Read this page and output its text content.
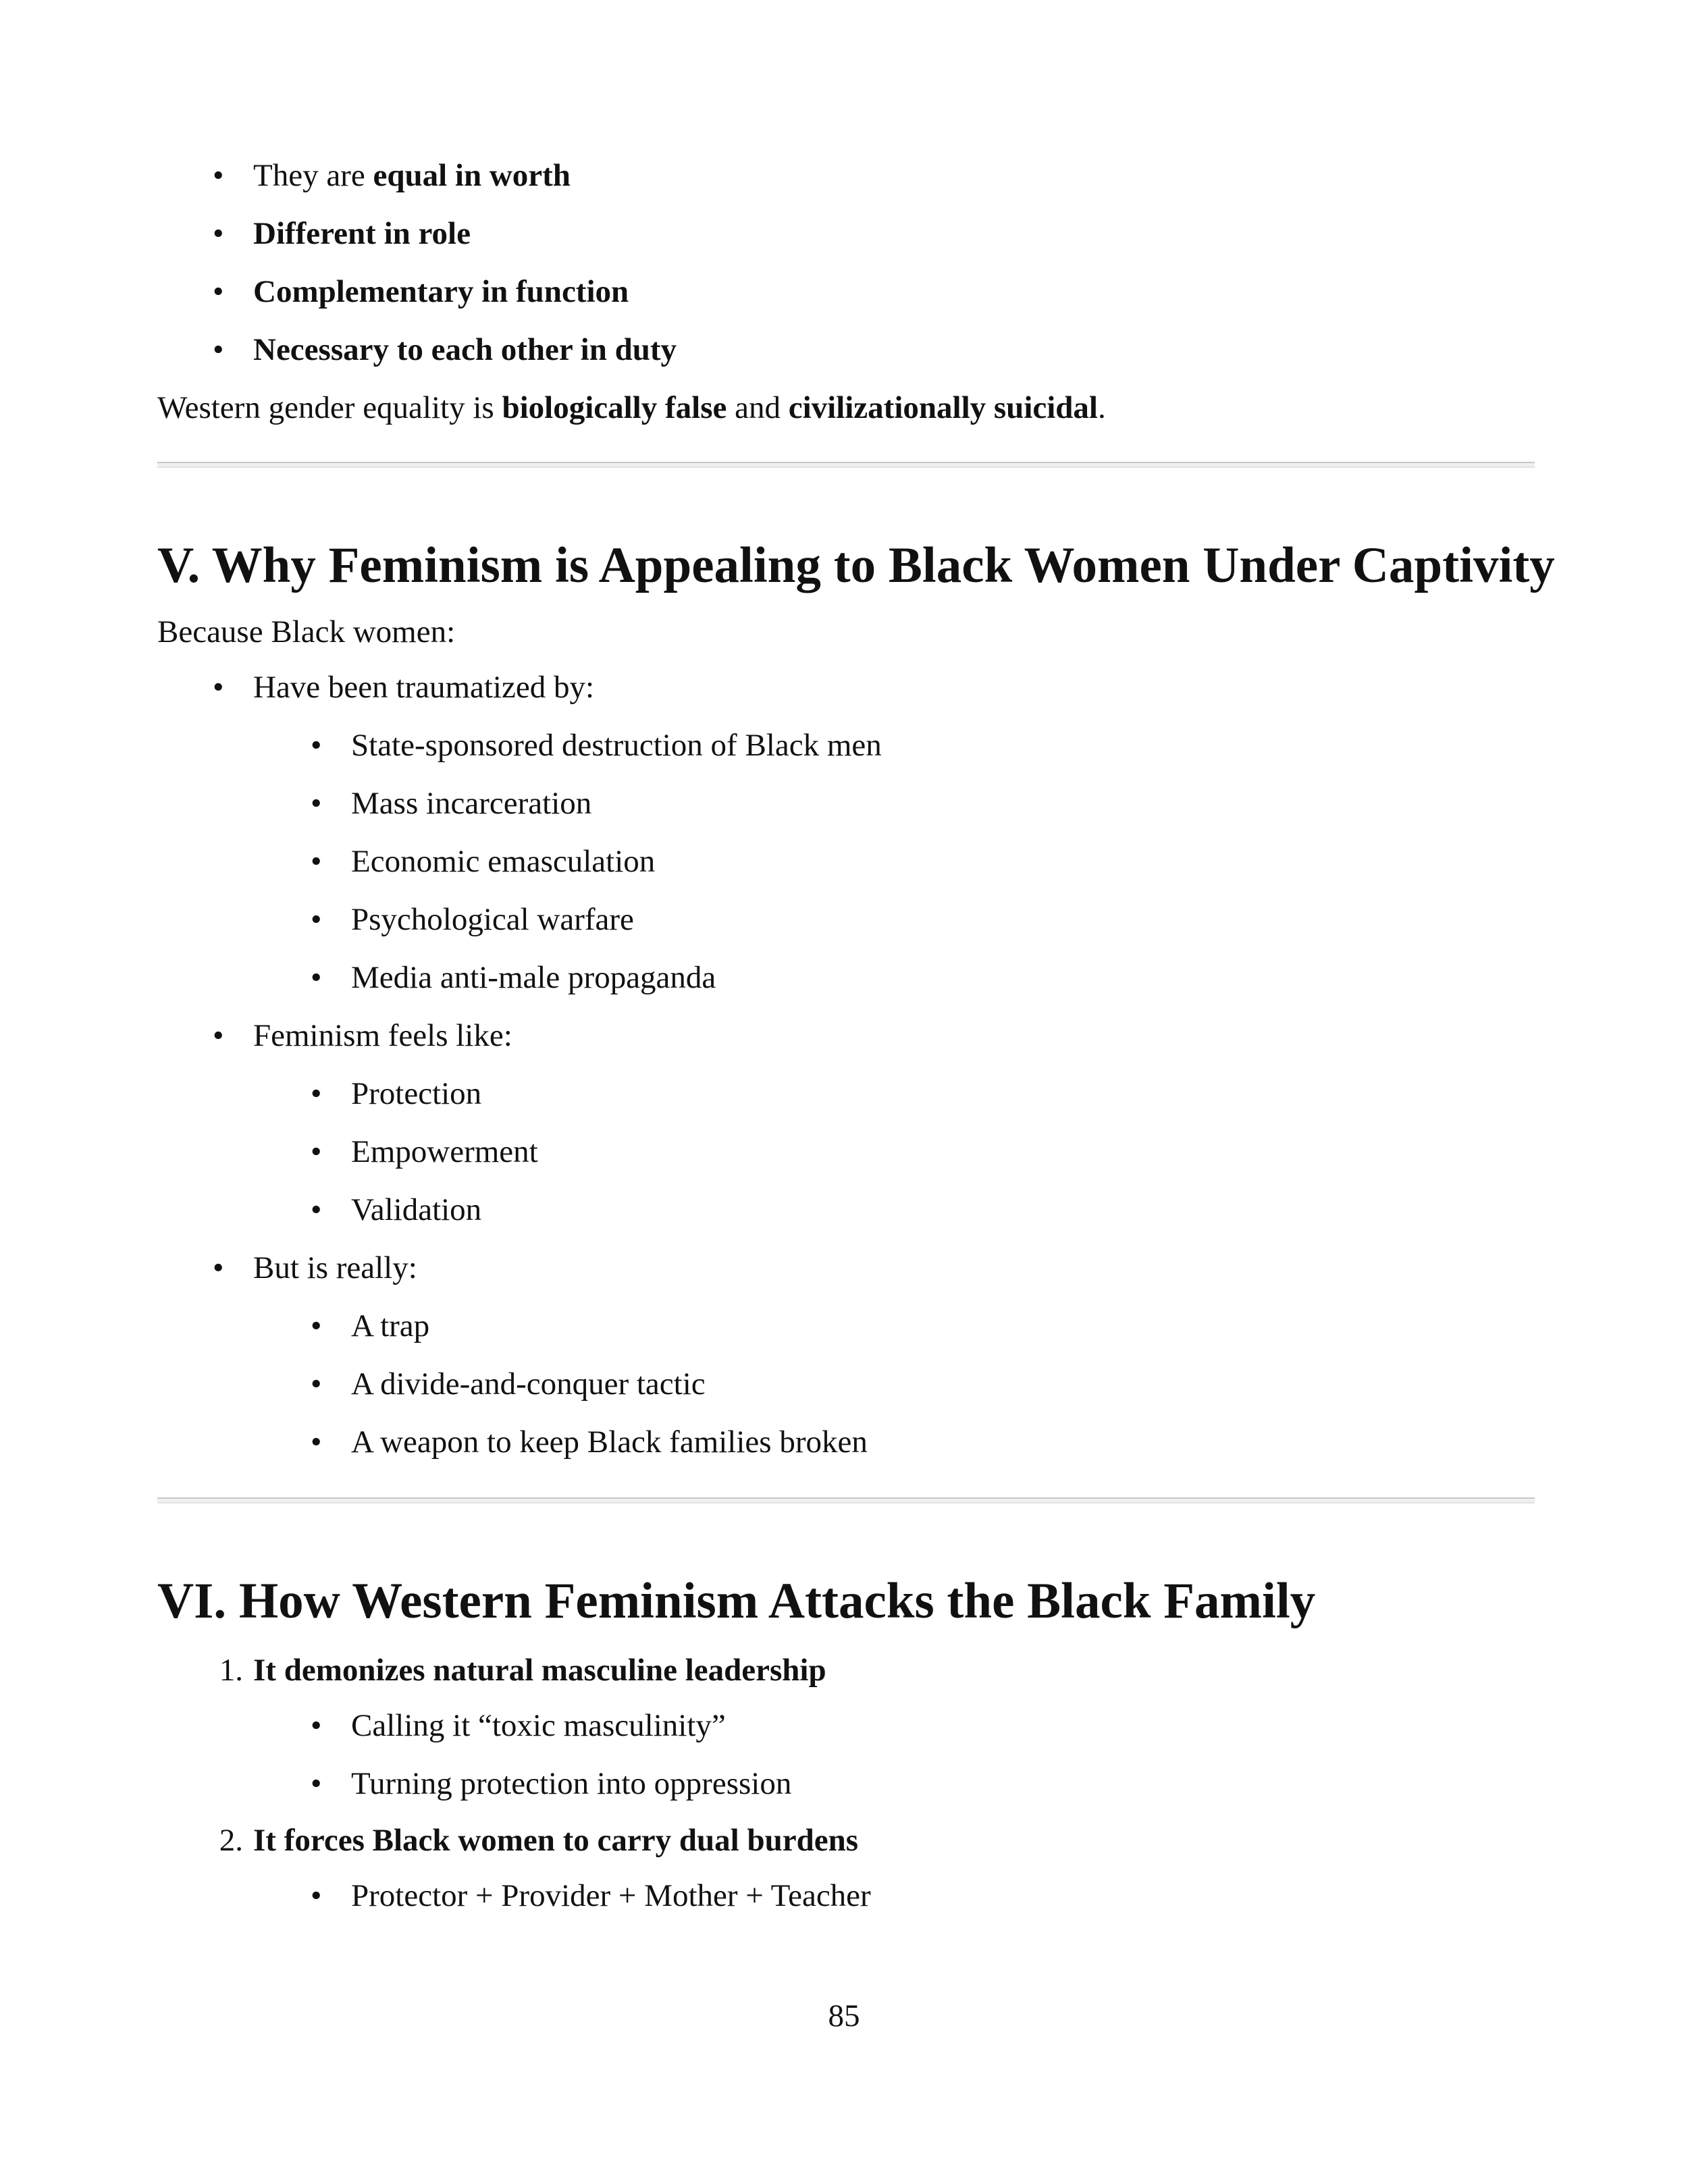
• They are equal in worth
• Different in role
• Complementary in function
• Necessary to each other in duty
Western gender equality is biologically false and civilizationally suicidal.
V. Why Feminism is Appealing to Black Women Under Captivity
Because Black women:
• Have been traumatized by:
• State-sponsored destruction of Black men
• Mass incarceration
• Economic emasculation
• Psychological warfare
• Media anti-male propaganda
• Feminism feels like:
• Protection
• Empowerment
• Validation
• But is really:
• A trap
• A divide-and-conquer tactic
• A weapon to keep Black families broken
VI. How Western Feminism Attacks the Black Family
1. It demonizes natural masculine leadership
• Calling it “toxic masculinity”
• Turning protection into oppression
2. It forces Black women to carry dual burdens
• Protector + Provider + Mother + Teacher
85
